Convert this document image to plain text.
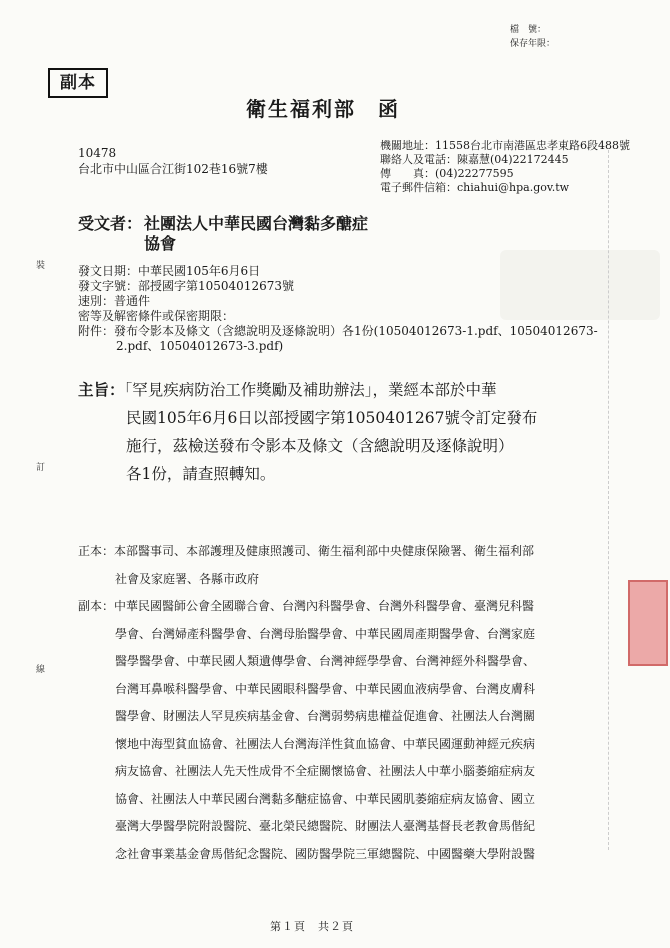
檔　號：
保存年限：
副本
衛生福利部　函
10478
台北市中山區合江街102巷16號7樓
機關地址：11558台北市南港區忠孝東路6段488號
聯絡人及電話：陳嘉慧(04)22172445
傳　　真：(04)22277595
電子郵件信箱：chiahui@hpa.gov.tw
受文者： 社團法人中華民國台灣黏多醣症
協會
發文日期：中華民國105年6月6日
發文字號：部授國字第10504012673號
速別：普通件
密等及解密條件或保密期限：
附件：發布令影本及條文（含總說明及逐條說明）各1份(10504012673-1.pdf、10504012673-
2.pdf、10504012673-3.pdf)
主旨：「罕見疾病防治工作獎勵及補助辦法」，業經本部於中華
民國105年6月6日以部授國字第1050401267號令訂定發布
施行，茲檢送發布令影本及條文（含總說明及逐條說明）
各1份，請查照轉知。
正本：本部醫事司、本部護理及健康照護司、衛生福利部中央健康保險署、衛生福利部
社會及家庭署、各縣市政府
副本：中華民國醫師公會全國聯合會、台灣內科醫學會、台灣外科醫學會、臺灣兒科醫
學會、台灣婦產科醫學會、台灣母胎醫學會、中華民國周產期醫學會、台灣家庭
醫學醫學會、中華民國人類遺傳學會、台灣神經學學會、台灣神經外科醫學會、
台灣耳鼻喉科醫學會、中華民國眼科醫學會、中華民國血液病學會、台灣皮膚科
醫學會、財團法人罕見疾病基金會、台灣弱勢病患權益促進會、社團法人台灣關
懷地中海型貧血協會、社團法人台灣海洋性貧血協會、中華民國運動神經元疾病
病友協會、社團法人先天性成骨不全症關懷協會、社團法人中華小腦萎縮症病友
協會、社團法人中華民國台灣黏多醣症協會、中華民國肌萎縮症病友協會、國立
臺灣大學醫學院附設醫院、臺北榮民總醫院、財團法人臺灣基督長老教會馬偕紀
念社會事業基金會馬偕紀念醫院、國防醫學院三軍總醫院、中國醫藥大學附設醫
裝
訂
線
第１頁　共２頁
